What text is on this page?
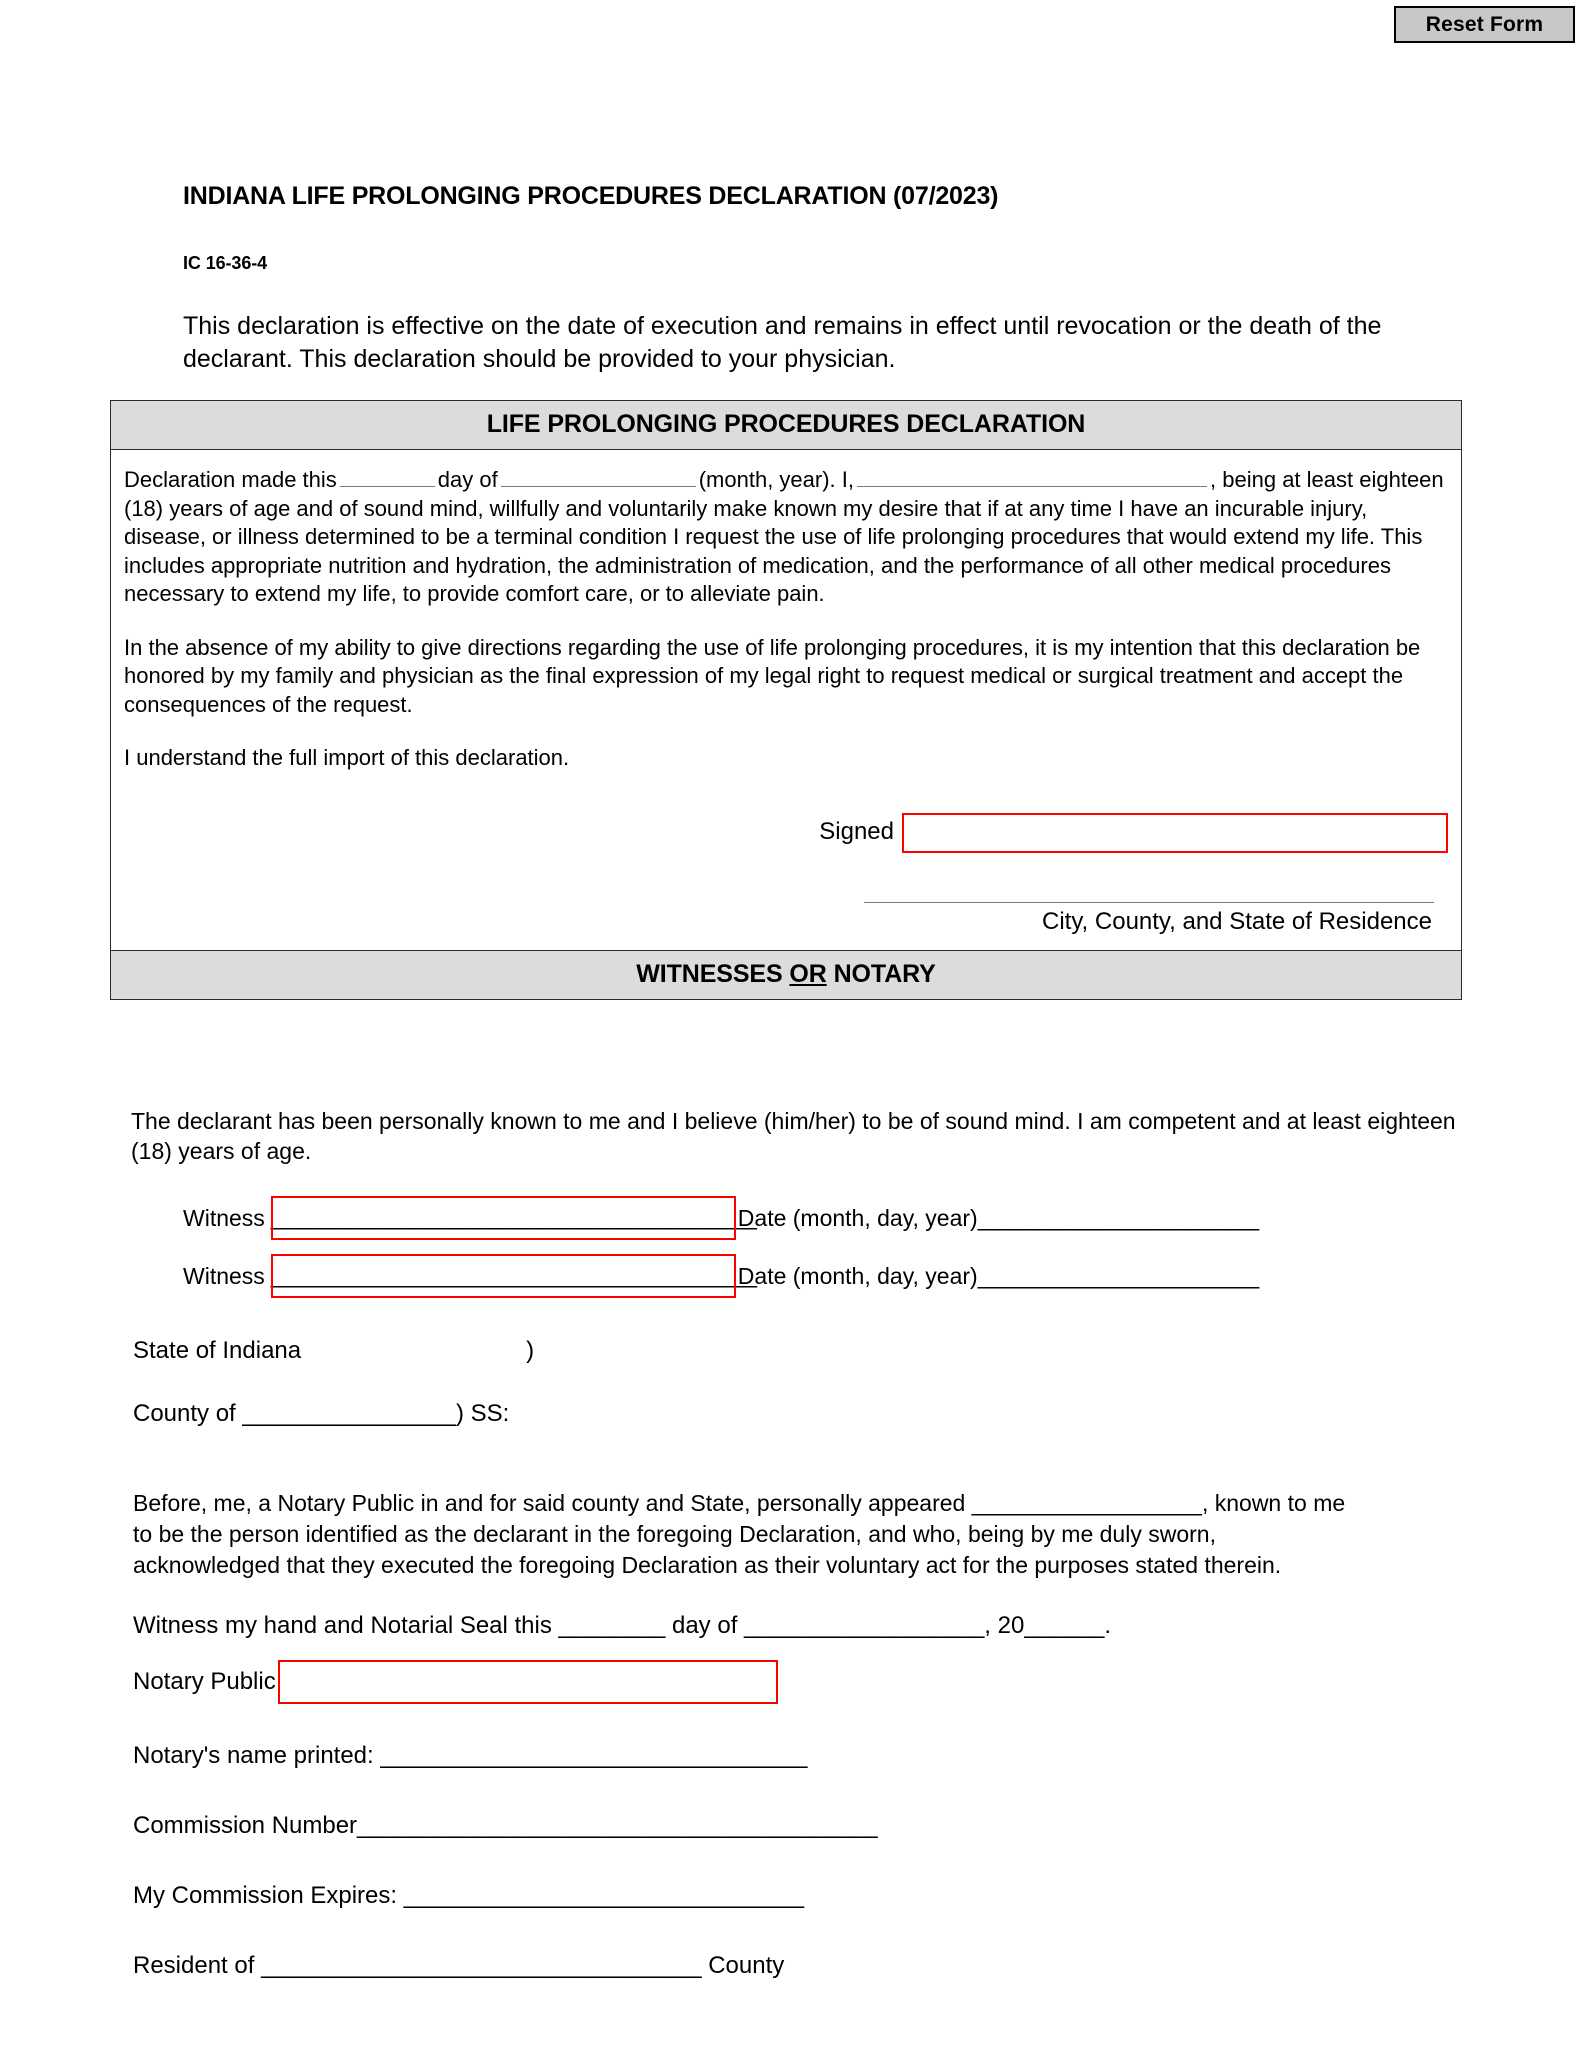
Reset Form
INDIANA LIFE PROLONGING PROCEDURES DECLARATION (07/2023)
IC 16-36-4
This declaration is effective on the date of execution and remains in effect until revocation or the death of the declarant. This declaration should be provided to your physician.
LIFE PROLONGING PROCEDURES DECLARATION

Declaration made this	day of	(month, year). I,	, being at least eighteen (18) years of age and of sound mind, willfully and voluntarily make known my desire that if at any time I have an incurable injury, disease, or illness determined to be a terminal condition I request the use of life prolonging procedures that would extend my life. This includes appropriate nutrition and hydration, the administration of medication, and the performance of all other medical procedures necessary to extend my life, to provide comfort care, or to alleviate pain.

In the absence of my ability to give directions regarding the use of life prolonging procedures, it is my intention that this declaration be honored by my family and physician as the final expression of my legal right to request medical or surgical treatment and accept the consequences of the request.

I understand the full import of this declaration.

Signed
City, County, and State of Residence
WITNESSES OR NOTARY
The declarant has been personally known to me and I believe (him/her) to be of sound mind. I am competent and at least eighteen (18) years of age.
Witness ______________________________________
Date (month, day, year) ______________________
Witness ______________________________________
Date (month, day, year) ______________________
State of Indiana	)
County of ________________) SS:
Before, me, a Notary Public in and for said county and State, personally appeared __________________, known to me
to be the person identified as the declarant in the foregoing Declaration, and who, being by me duly sworn,
acknowledged that they executed the foregoing Declaration as their voluntary act for the purposes stated therein.
Witness my hand and Notarial Seal this ________ day of __________________, 20______.
Notary Public
Notary's name printed: ________________________________
Commission Number_______________________________________
My Commission Expires: ______________________________
Resident of _________________________________ County
